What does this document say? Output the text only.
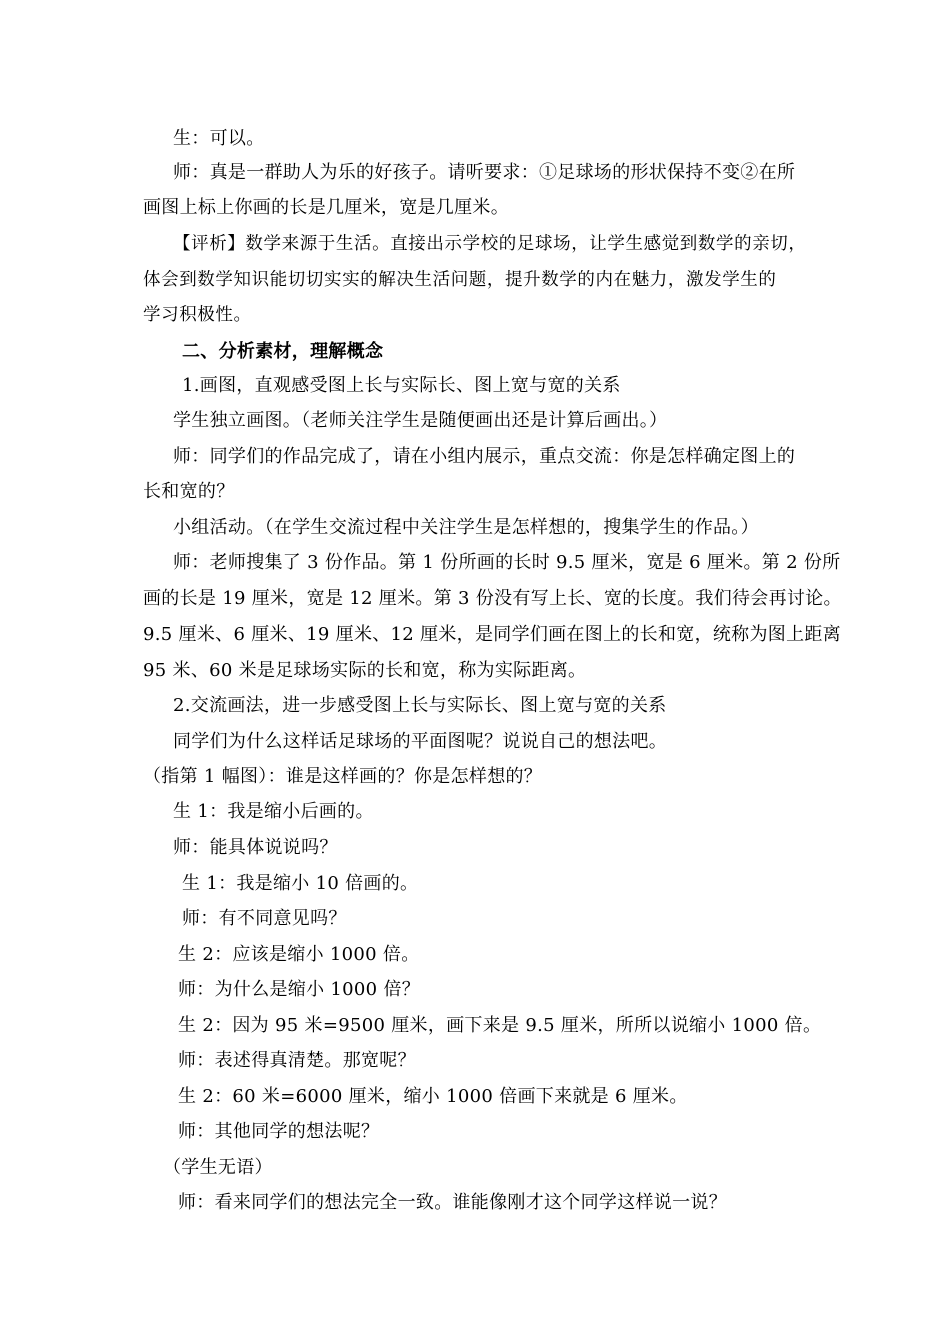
生：可以。
师：真是一群助人为乐的好孩子。请听要求：①足球场的形状保持不变②在所
画图上标上你画的长是几厘米，宽是几厘米。
【评析】数学来源于生活。直接出示学校的足球场，让学生感觉到数学的亲切，
体会到数学知识能切切实实的解决生活问题，提升数学的内在魅力，激发学生的
学习积极性。
二、分析素材，理解概念
1.画图，直观感受图上长与实际长、图上宽与宽的关系
学生独立画图。（老师关注学生是随便画出还是计算后画出。）
师：同学们的作品完成了，请在小组内展示，重点交流：你是怎样确定图上的
长和宽的？
小组活动。（在学生交流过程中关注学生是怎样想的，搜集学生的作品。）
师：老师搜集了 3 份作品。第 1 份所画的长时 9.5 厘米，宽是 6 厘米。第 2 份所
画的长是 19 厘米，宽是 12 厘米。第 3 份没有写上长、宽的长度。我们待会再讨论。
9.5 厘米、6 厘米、19 厘米、12 厘米，是同学们画在图上的长和宽，统称为图上距离
95 米、60 米是足球场实际的长和宽，称为实际距离。
2.交流画法，进一步感受图上长与实际长、图上宽与宽的关系
同学们为什么这样话足球场的平面图呢？说说自己的想法吧。
（指第 1 幅图）：谁是这样画的？你是怎样想的？
生 1：我是缩小后画的。
师：能具体说说吗？
生 1：我是缩小 10 倍画的。
师：有不同意见吗？
生 2：应该是缩小 1000 倍。
师：为什么是缩小 1000 倍？
生 2：因为 95 米=9500 厘米，画下来是 9.5 厘米，所所以说缩小 1000 倍。
师：表述得真清楚。那宽呢？
生 2：60 米=6000 厘米，缩小 1000 倍画下来就是 6 厘米。
师：其他同学的想法呢？
（学生无语）
师：看来同学们的想法完全一致。谁能像刚才这个同学这样说一说？
